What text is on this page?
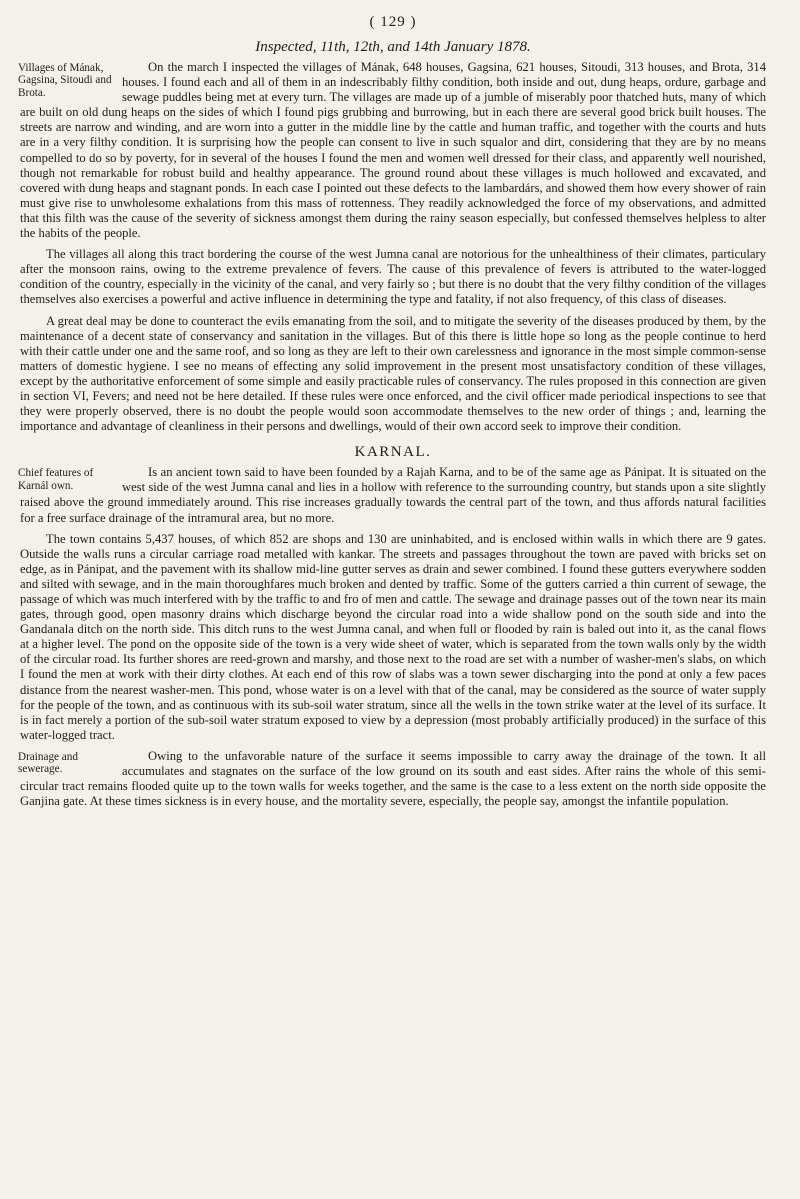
( 129 )
Inspected, 11th, 12th, and 14th January 1878.

Villages of Mának, Gagsina, Sitoudi and Brota.
On the march I inspected the villages of Mának, 648 houses, Gagsina, 621 houses, Sitoudi, 313 houses, and Brota, 314 houses. I found each and all of them in an indescribably filthy condition, both inside and out, dung heaps, ordure, garbage and sewage puddles being met at every turn. The villages are made up of a jumble of miserably poor thatched huts, many of which are built on old dung heaps on the sides of which I found pigs grubbing and burrowing, but in each there are several good brick built houses. The streets are narrow and winding, and are worn into a gutter in the middle line by the cattle and human traffic, and together with the courts and huts are in a very filthy condition. It is surprising how the people can consent to live in such squalor and dirt, considering that they are by no means compelled to do so by poverty, for in several of the houses I found the men and women well dressed for their class, and apparently well nourished, though not remarkable for robust build and healthy appearance. The ground round about these villages is much hollowed and excavated, and covered with dung heaps and stagnant ponds. In each case I pointed out these defects to the lambardárs, and showed them how every shower of rain must give rise to unwholesome exhalations from this mass of rottenness. They readily acknowledged the force of my observations, and admitted that this filth was the cause of the severity of sickness amongst them during the rainy season especially, but confessed themselves helpless to alter the habits of the people.

The villages all along this tract bordering the course of the west Jumna canal are notorious for the unhealthiness of their climates, particulary after the monsoon rains, owing to the extreme prevalence of fevers. The cause of this prevalence of fevers is attributed to the water-logged condition of the country, especially in the vicinity of the canal, and very fairly so ; but there is no doubt that the very filthy condition of the villages themselves also exercises a powerful and active influence in determining the type and fatality, if not also frequency, of this class of diseases.

A great deal may be done to counteract the evils emanating from the soil, and to mitigate the severity of the diseases produced by them, by the maintenance of a decent state of conservancy and sanitation in the villages. But of this there is little hope so long as the people continue to herd with their cattle under one and the same roof, and so long as they are left to their own carelessness and ignorance in the most simple common-sense matters of domestic hygiene. I see no means of effecting any solid improvement in the present most unsatisfactory condition of these villages, except by the authoritative enforcement of some simple and easily practicable rules of conservancy. The rules proposed in this connection are given in section VI, Fevers; and need not be here detailed. If these rules were once enforced, and the civil officer made periodical inspections to see that they were properly observed, there is no doubt the people would soon accommodate themselves to the new order of things ; and, learning the importance and advantage of cleanliness in their persons and dwellings, would of their own accord seek to improve their condition.

KARNAL.

Chief features of Karnál own.
Is an ancient town said to have been founded by a Rajah Karna, and to be of the same age as Pánipat. It is situated on the west side of the west Jumna canal and lies in a hollow with reference to the surrounding country, but stands upon a site slightly raised above the ground immediately around. This rise increases gradually towards the central part of the town, and thus affords natural facilities for a free surface drainage of the intramural area, but no more.

The town contains 5,437 houses, of which 852 are shops and 130 are uninhabited, and is enclosed within walls in which there are 9 gates. Outside the walls runs a circular carriage road metalled with kankar. The streets and passages throughout the town are paved with bricks set on edge, as in Pánipat, and the pavement with its shallow mid-line gutter serves as drain and sewer combined. I found these gutters everywhere sodden and silted with sewage, and in the main thoroughfares much broken and dented by traffic. Some of the gutters carried a thin current of sewage, the passage of which was much interfered with by the traffic to and fro of men and cattle. The sewage and drainage passes out of the town near its main gates, through good, open masonry drains which discharge beyond the circular road into a wide shallow pond on the south side and into the Gandanala ditch on the north side. This ditch runs to the west Jumna canal, and when full or flooded by rain is baled out into it, as the canal flows at a higher level. The pond on the opposite side of the town is a very wide sheet of water, which is separated from the town walls only by the width of the circular road. Its further shores are reed-grown and marshy, and those next to the road are set with a number of washer-men's slabs, on which I found the men at work with their dirty clothes. At each end of this row of slabs was a town sewer discharging into the pond at only a few paces distance from the nearest washer-men. This pond, whose water is on a level with that of the canal, may be considered as the source of water supply for the people of the town, and as continuous with its sub-soil water stratum, since all the wells in the town strike water at the level of its surface. It is in fact merely a portion of the sub-soil water stratum exposed to view by a depression (most probably artificially produced) in the surface of this water-logged tract.

Drainage and sewerage.
Owing to the unfavorable nature of the surface it seems impossible to carry away the drainage of the town. It all accumulates and stagnates on the surface of the low ground on its south and east sides. After rains the whole of this semi-circular tract remains flooded quite up to the town walls for weeks together, and the same is the case to a less extent on the north side opposite the Ganjina gate. At these times sickness is in every house, and the mortality severe, especially, the people say, amongst the infantile population.
